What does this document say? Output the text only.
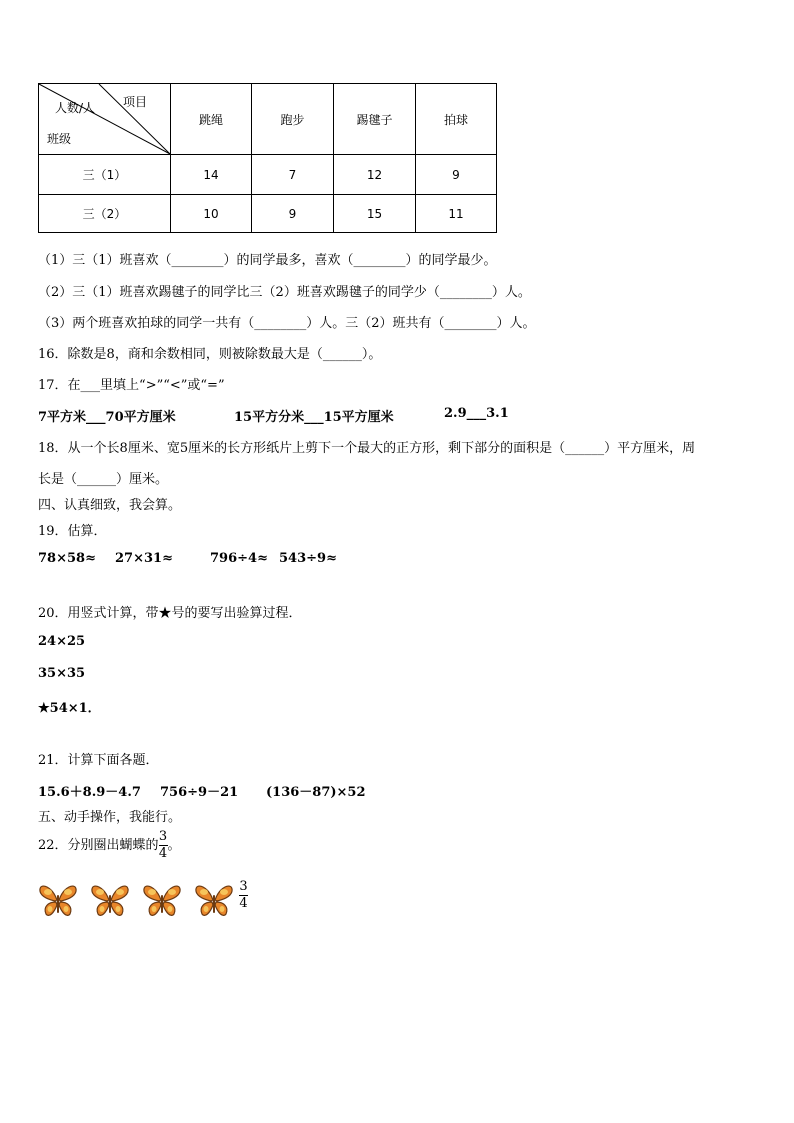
项目
人数/人
班级	跳绳	跑步	踢毽子	拍球
三（1）	14	7	12	9
三（2）	10	9	15	11
（1）三（1）班喜欢（________）的同学最多，喜欢（________）的同学最少。
（2）三（1）班喜欢踢毽子的同学比三（2）班喜欢踢毽子的同学少（________）人。
（3）两个班喜欢拍球的同学一共有（________）人。三（2）班共有（________）人。
16．除数是8，商和余数相同，则被除数最大是（______）。
17．在___里填上“>”“<”或“=”
7平方米___70平方厘米	15平方分米___15平方厘米	2.9___3.1
18．从一个长8厘米、宽5厘米的长方形纸片上剪下一个最大的正方形，剩下部分的面积是（______）平方厘米，周
长是（______）厘米。
四、认真细致，我会算。
19．估算．
78×58≈ 27×31≈	796÷4≈ 543÷9≈
20．用竖式计算，带★号的要写出验算过程．
24×25
35×35
★54×1．
21．计算下面各题．
15.6＋8.9－4.7 756÷9－21 (136－87)×52
五、动手操作，我能行。
22．分别圈出蝴蝶的 $\frac{3}{4}$ 。
$\frac{3}{4}$
